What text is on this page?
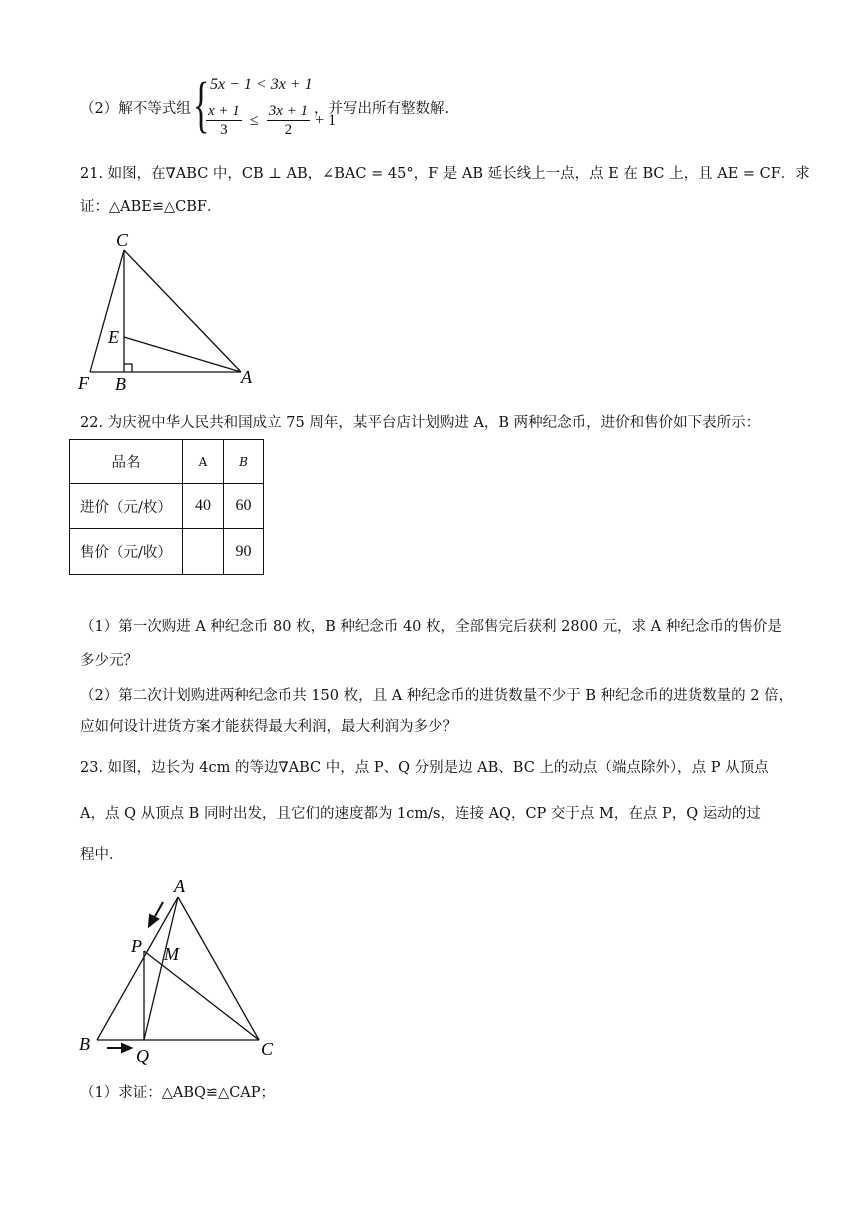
（2）解不等式组 { 5x − 1 < 3x + 1
$\frac{x + 1}{3} \le \frac{3x + 1}{2} + 1$
，并写出所有整数解.
21. 如图，在∇ABC 中，CB ⊥ AB，∠BAC = 45°，F 是 AB 延长线上一点，点 E 在 BC 上，且 AE = CF．求
证：△ABE≌△CBF．
C
E
F B	A
22. 为庆祝中华人民共和国成立 75 周年，某平台店计划购进 A，B 两种纪念币，进价和售价如下表所示：
品名	A	B
进价（元/枚）	40	60
售价（元/收）		90
（1）第一次购进 A 种纪念币 80 枚，B 种纪念币 40 枚，全部售完后获利 2800 元，求 A 种纪念币的售价是
多少元？
（2）第二次计划购进两种纪念币共 150 枚，且 A 种纪念币的进货数量不少于 B 种纪念币的进货数量的 2 倍，
应如何设计进货方案才能获得最大利润，最大利润为多少？
23. 如图，边长为 4cm 的等边∇ABC 中，点 P、Q 分别是边 AB、BC 上的动点（端点除外），点 P 从顶点
A，点 Q 从顶点 B 同时出发，且它们的速度都为 1cm/s，连接 AQ，CP 交于点 M，在点 P，Q 运动的过
程中．
A
P M
B
Q	C
（1）求证：△ABQ≌△CAP；
